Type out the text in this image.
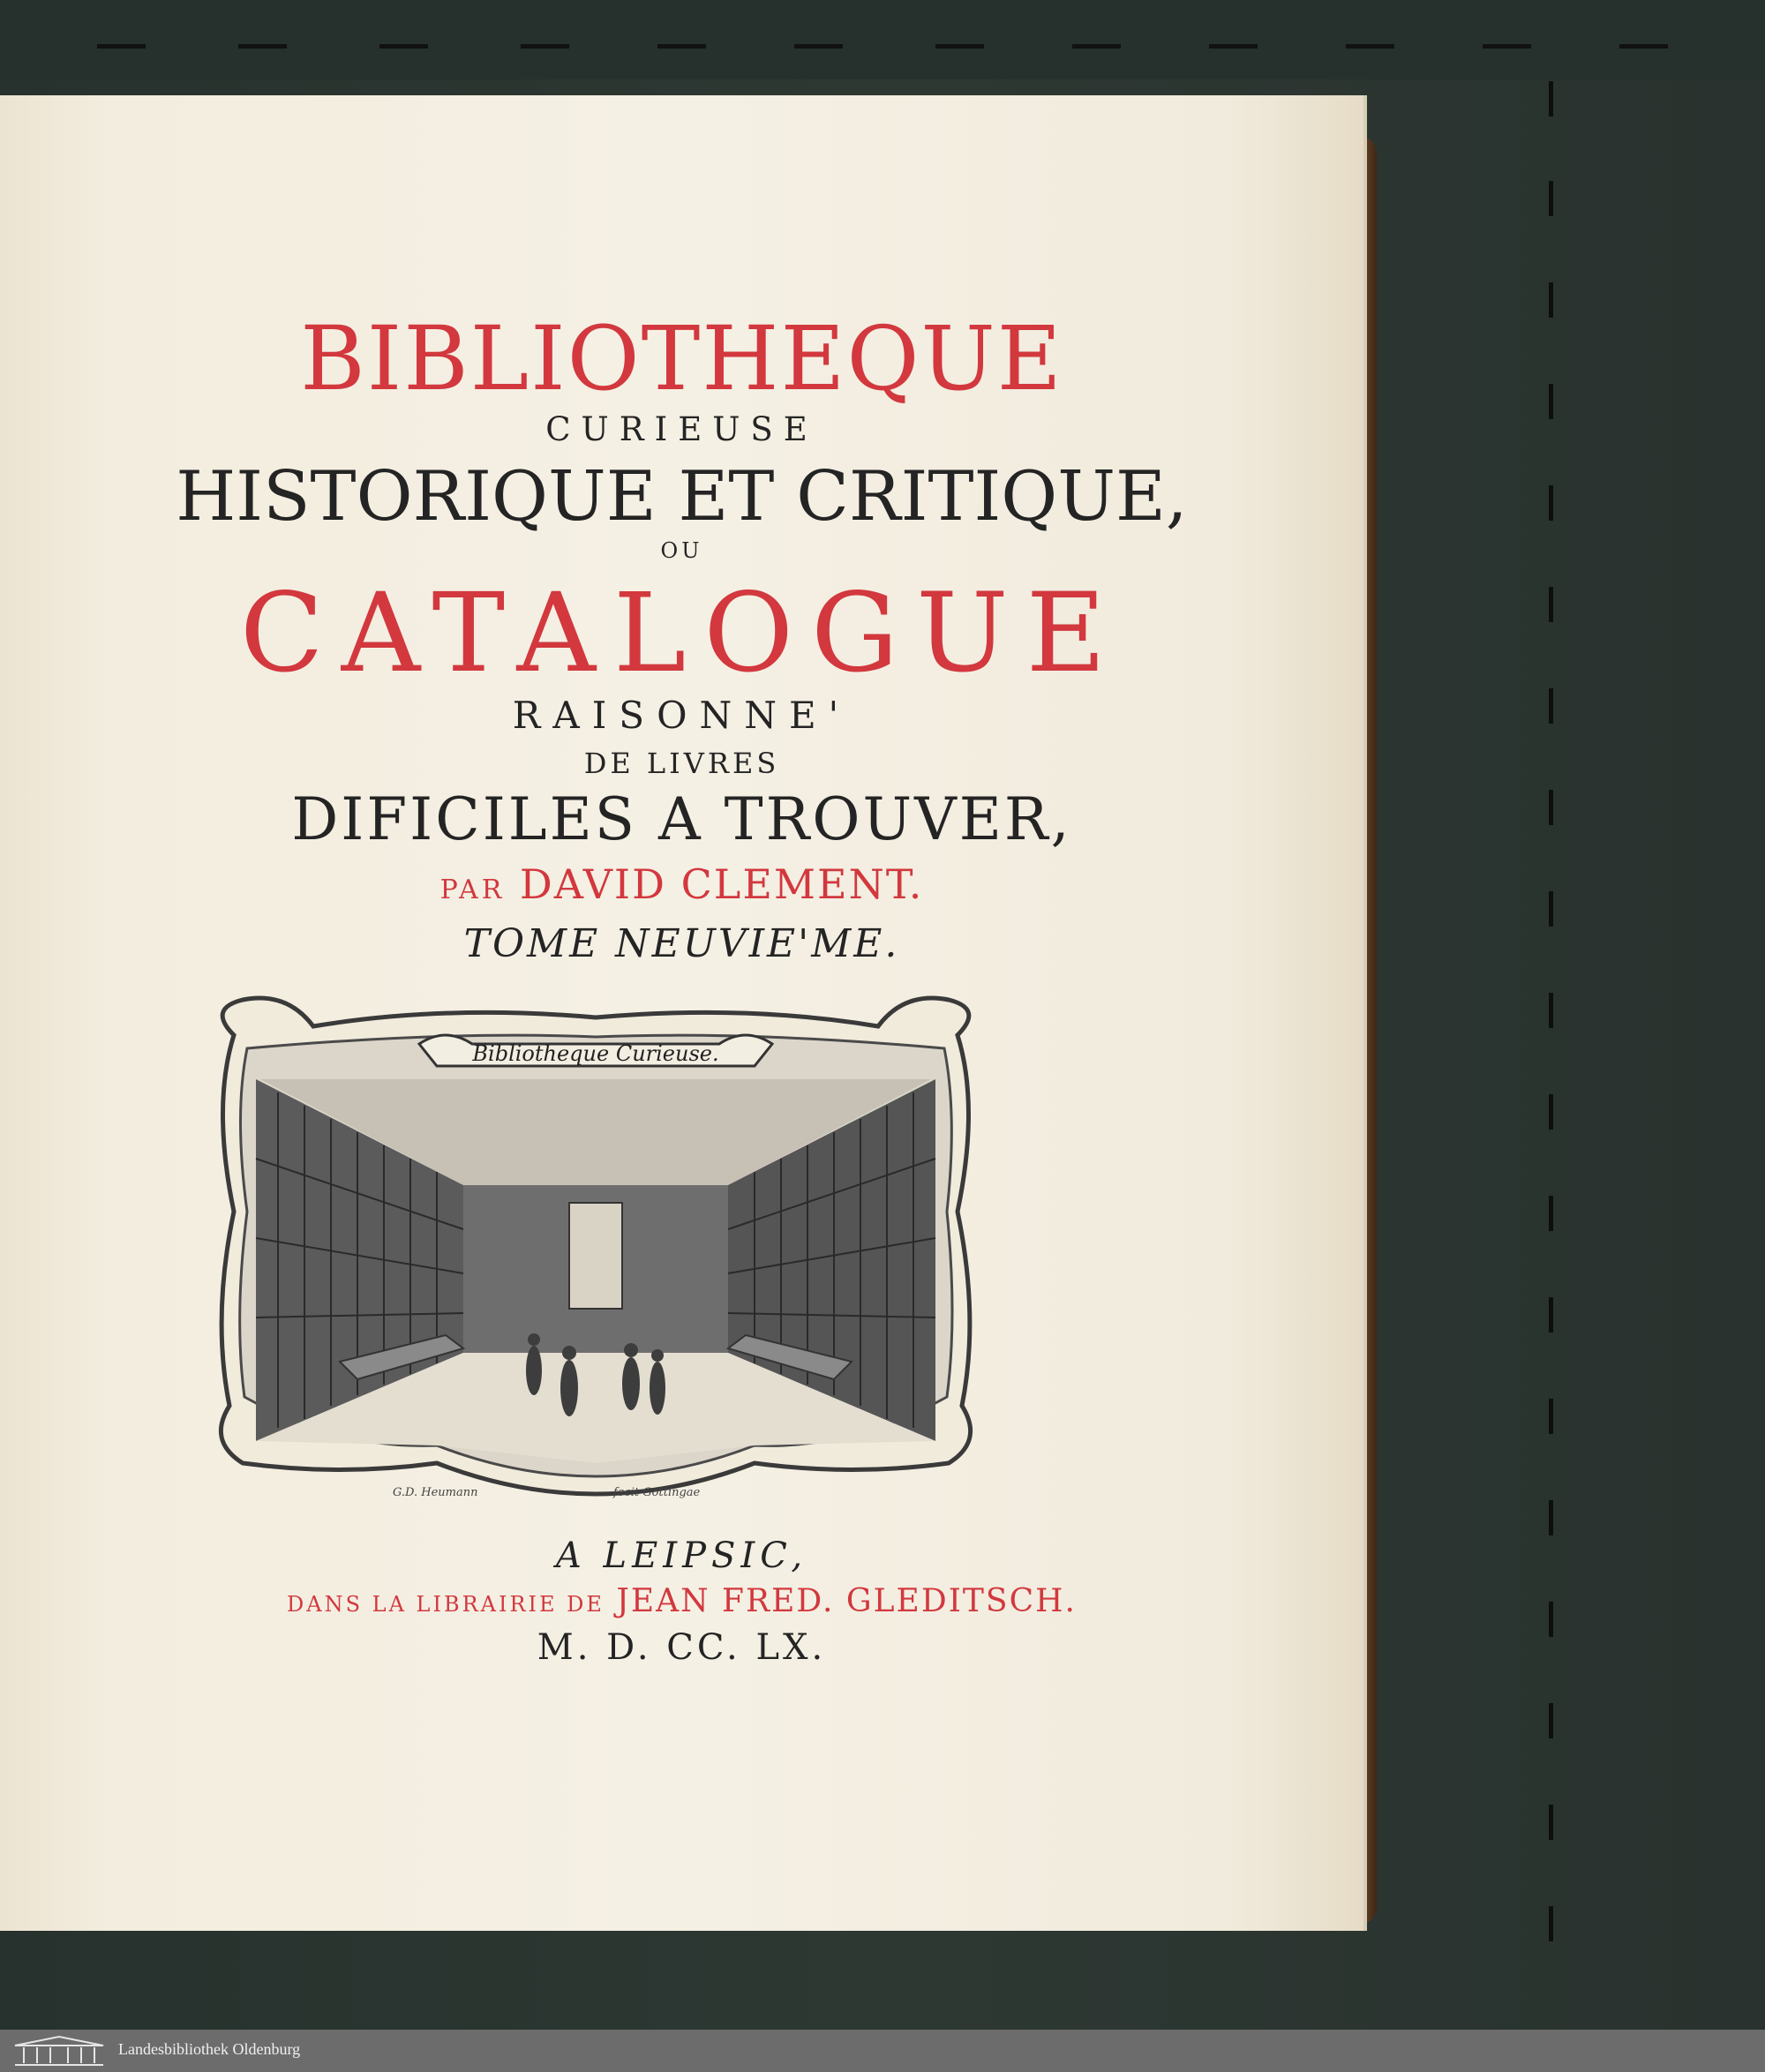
BIBLIOTHEQUE
CURIEUSE
HISTORIQUE ET CRITIQUE,
OU
CATALOGUE
RAISONNE'
DE LIVRES
DIFICILES A TROUVER,
PAR DAVID CLEMENT.
TOME NEUVIE'ME.
Bibliotheque Curieuse.
G.D. Heumann	fecit Gottingae
A LEIPSIC,
DANS LA LIBRAIRIE DE JEAN FRED. GLEDITSCH.
M. D. CC. LX.
Landesbibliothek Oldenburg
